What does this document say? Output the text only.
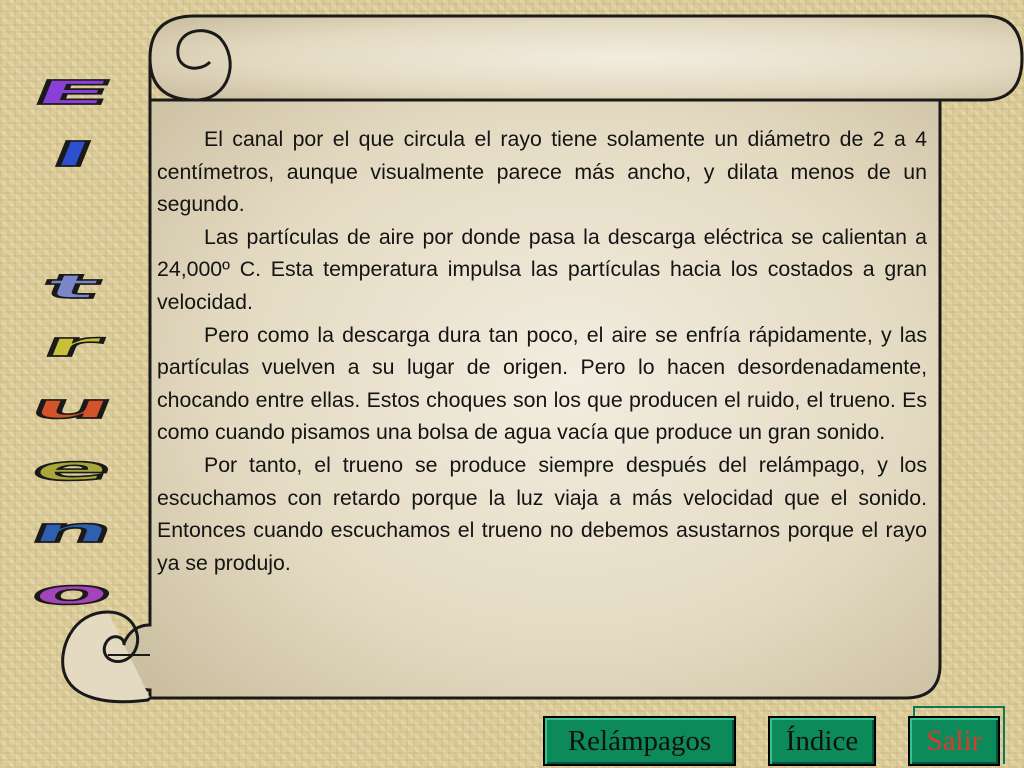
E
l
t
r
u
e
n
o

El canal por el que circula el rayo tiene solamente un diámetro de 2 a 4 centímetros, aunque visualmente parece más ancho, y dilata menos de un segundo.

Las partículas de aire por donde pasa la descarga eléctrica se calientan a 24,000º C. Esta temperatura impulsa las partículas hacia los costados a gran velocidad.

Pero como la descarga dura tan poco, el aire se enfría rápidamente, y las partículas vuelven a su lugar de origen. Pero lo hacen desordenadamente, chocando entre ellas. Estos choques son los que producen el ruido, el trueno. Es como cuando pisamos una bolsa de agua vacía que produce un gran sonido.

Por tanto, el trueno se produce siempre después del relámpago, y los escuchamos con retardo porque la luz viaja a más velocidad que el sonido. Entonces cuando escuchamos el trueno no debemos asustarnos porque el rayo ya se produjo.

Relámpagos	Índice Salir
